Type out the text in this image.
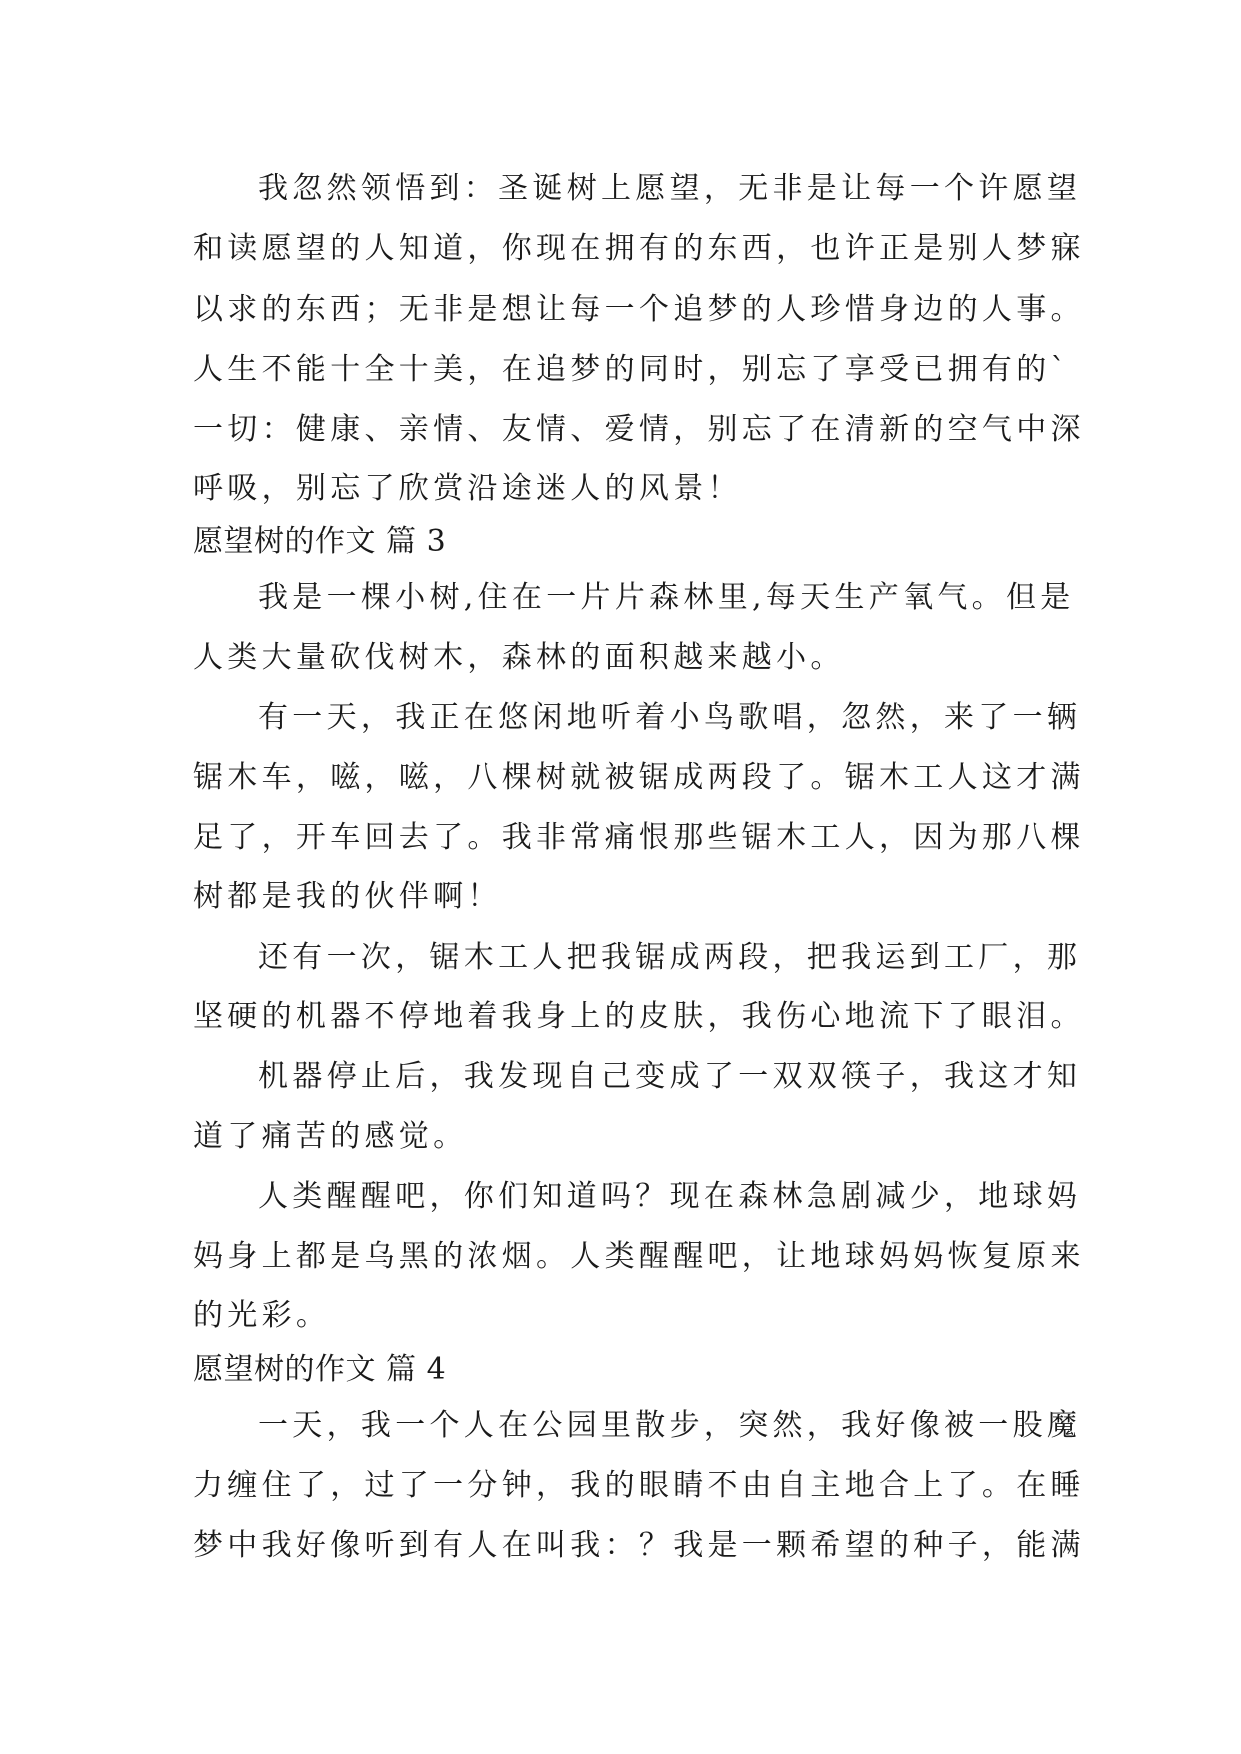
我忽然领悟到：圣诞树上愿望，无非是让每一个许愿望

和读愿望的人知道，你现在拥有的东西，也许正是别人梦寐

以求的东西；无非是想让每一个追梦的人珍惜身边的人事。

人生不能十全十美，在追梦的同时，别忘了享受已拥有的`

一切：健康、亲情、友情、爱情，别忘了在清新的空气中深

呼吸，别忘了欣赏沿途迷人的风景！

愿望树的作文 篇 3

我是一棵小树,住在一片片森林里,每天生产氧气。但是

人类大量砍伐树木，森林的面积越来越小。

有一天，我正在悠闲地听着小鸟歌唱，忽然，来了一辆

锯木车，嗞，嗞，八棵树就被锯成两段了。锯木工人这才满

足了，开车回去了。我非常痛恨那些锯木工人，因为那八棵

树都是我的伙伴啊！

还有一次，锯木工人把我锯成两段，把我运到工厂，那

坚硬的机器不停地着我身上的皮肤，我伤心地流下了眼泪。

机器停止后，我发现自己变成了一双双筷子，我这才知

道了痛苦的感觉。

人类醒醒吧，你们知道吗？现在森林急剧减少，地球妈

妈身上都是乌黑的浓烟。人类醒醒吧，让地球妈妈恢复原来

的光彩。

愿望树的作文 篇 4

一天，我一个人在公园里散步，突然，我好像被一股魔

力缠住了，过了一分钟，我的眼睛不由自主地合上了。在睡

梦中我好像听到有人在叫我：？我是一颗希望的种子，能满
